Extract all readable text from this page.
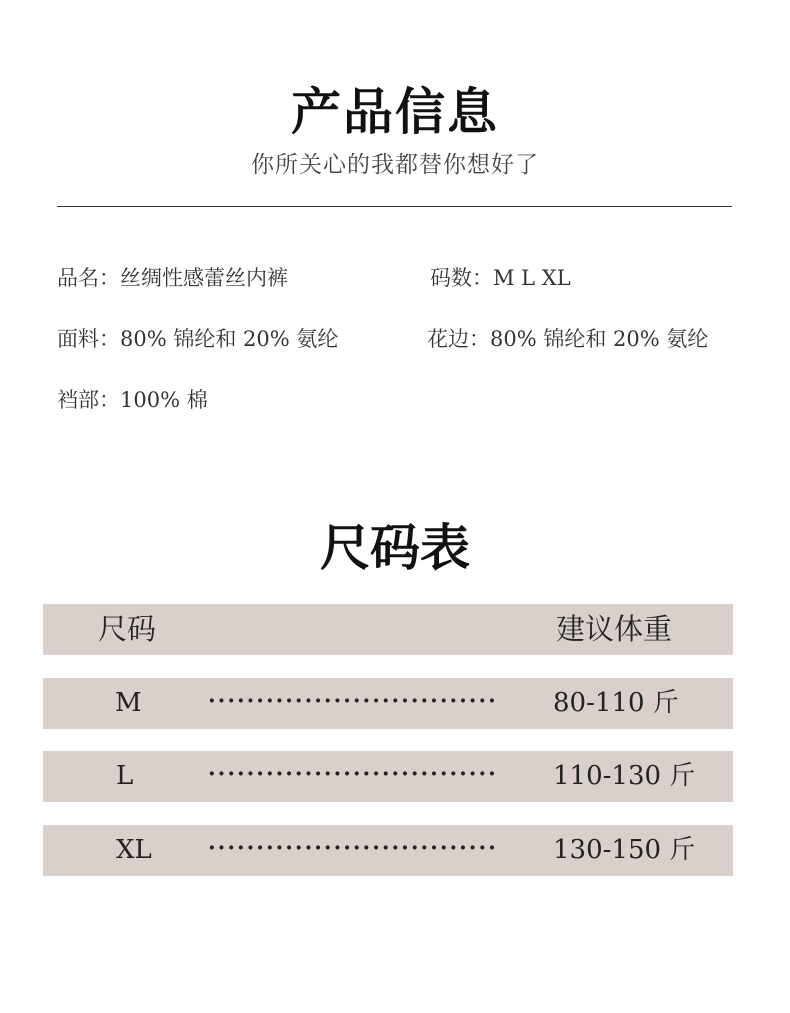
产品信息
你所关心的我都替你想好了
品名：丝绸性感蕾丝内裤	码数：M L XL
面料：80% 锦纶和 20% 氨纶	花边：80% 锦纶和 20% 氨纶
裆部：100% 棉
尺码表
尺码	建议体重
M	······························ 80-110 斤
L	······························ 110-130 斤
XL	······························ 130-150 斤
